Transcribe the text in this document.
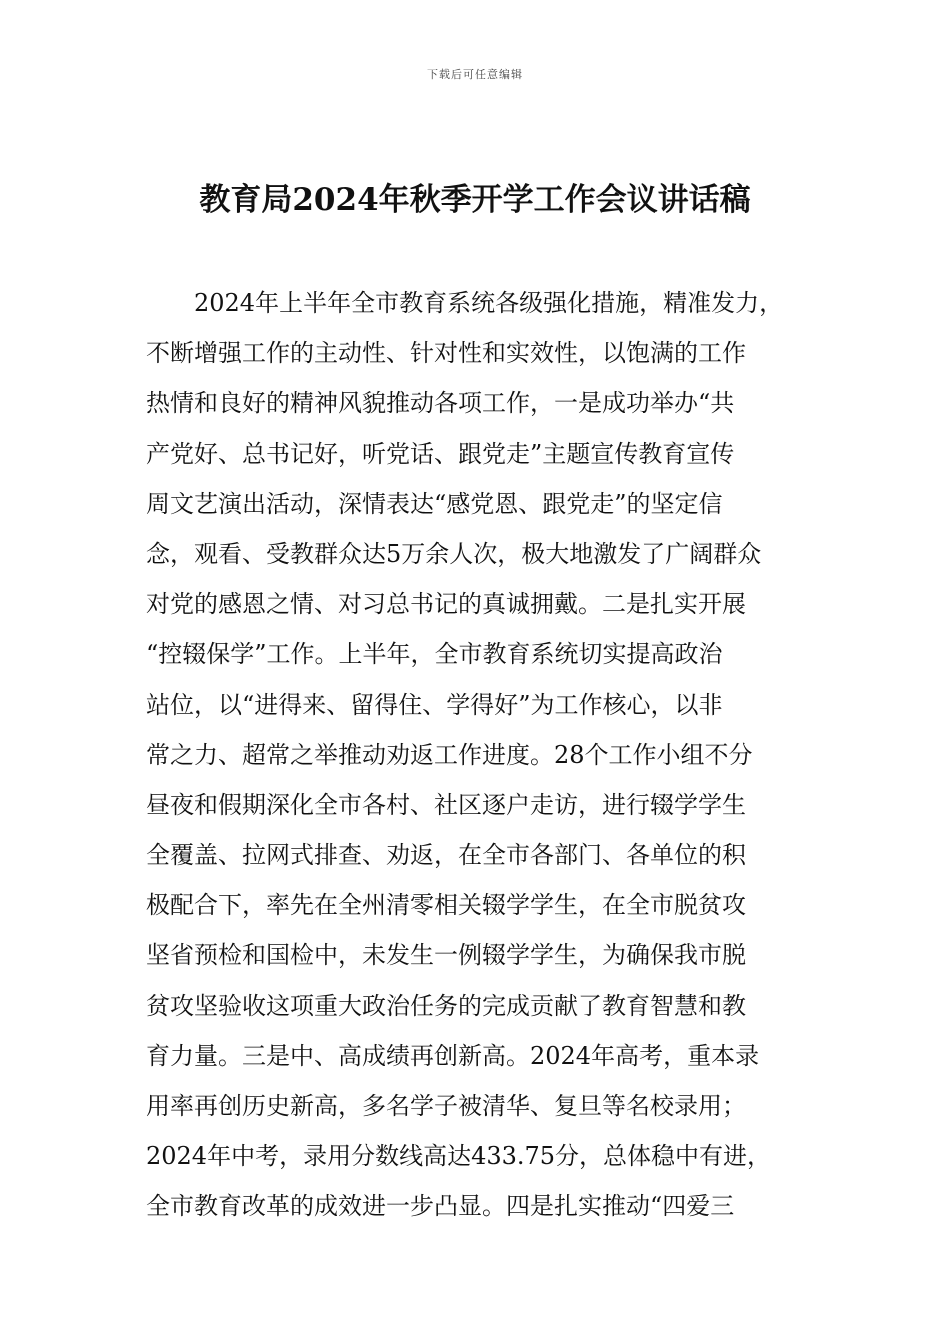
下载后可任意编辑
教育局2024年秋季开学工作会议讲话稿
　　2024年上半年全市教育系统各级强化措施，精准发力，
不断增强工作的主动性、针对性和实效性，以饱满的工作
热情和良好的精神风貌推动各项工作，一是成功举办“共
产党好、总书记好，听党话、跟党走”主题宣传教育宣传
周文艺演出活动，深情表达“感党恩、跟党走”的坚定信
念，观看、受教群众达5万余人次，极大地激发了广阔群众
对党的感恩之情、对习总书记的真诚拥戴。二是扎实开展
“控辍保学”工作。上半年，全市教育系统切实提高政治
站位，以“进得来、留得住、学得好”为工作核心，以非
常之力、超常之举推动劝返工作进度。28个工作小组不分
昼夜和假期深化全市各村、社区逐户走访，进行辍学学生
全覆盖、拉网式排查、劝返，在全市各部门、各单位的积
极配合下，率先在全州清零相关辍学学生，在全市脱贫攻
坚省预检和国检中，未发生一例辍学学生，为确保我市脱
贫攻坚验收这项重大政治任务的完成贡献了教育智慧和教
育力量。三是中、高成绩再创新高。2024年高考，重本录
用率再创历史新高，多名学子被清华、复旦等名校录用；
2024年中考，录用分数线高达433.75分，总体稳中有进，
全市教育改革的成效进一步凸显。四是扎实推动“四爱三
